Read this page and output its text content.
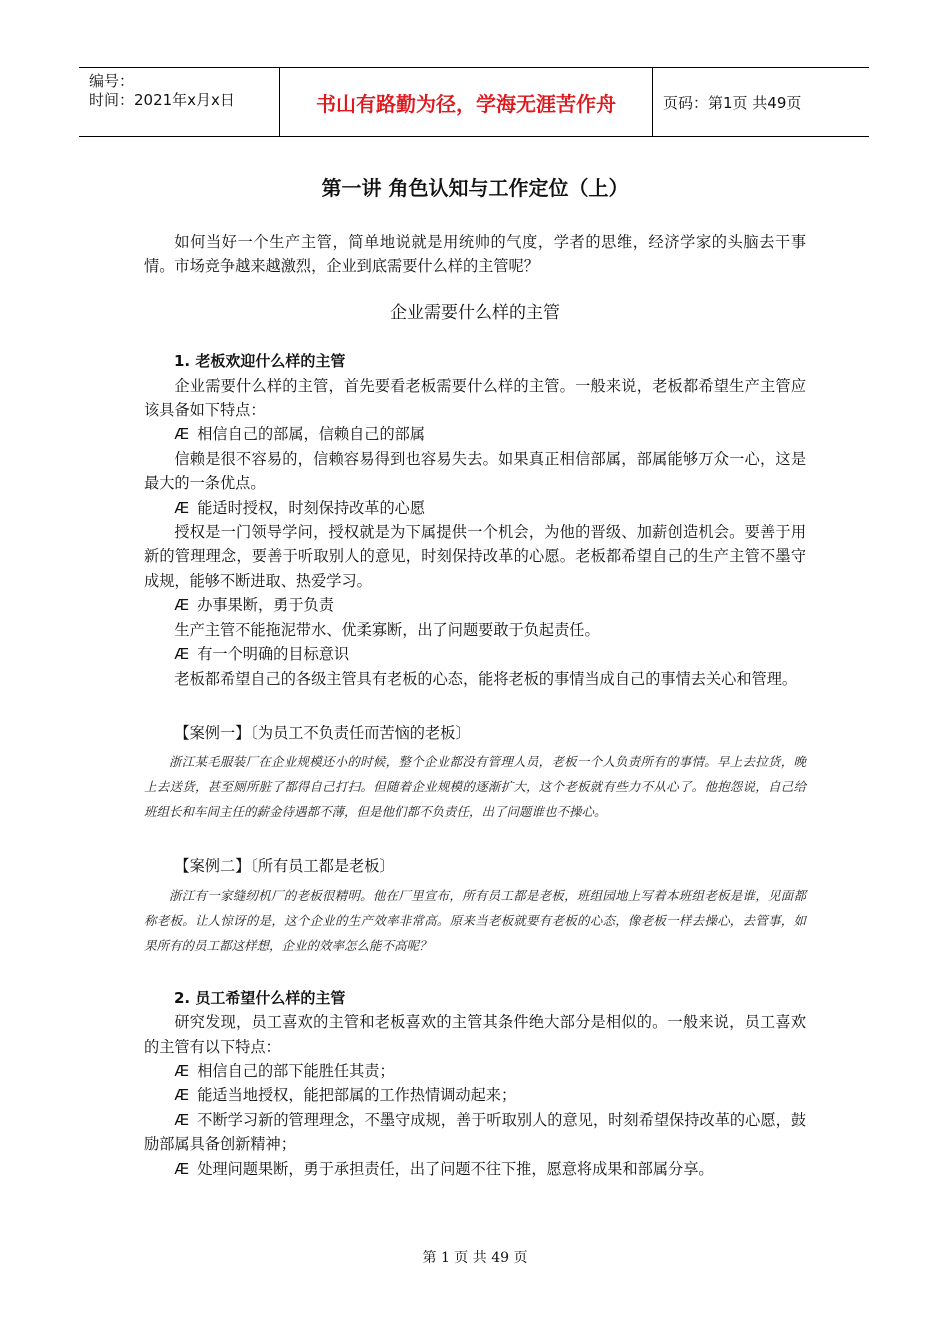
编号：
时间：2021年x月x日	书山有路勤为径，学海无涯苦作舟	页码：第1页 共49页
第一讲 角色认知与工作定位（上）

如何当好一个生产主管，简单地说就是用统帅的气度，学者的思维，经济学家的头脑去干事情。市场竞争越来越激烈，企业到底需要什么样的主管呢？

企业需要什么样的主管

1. 老板欢迎什么样的主管

企业需要什么样的主管，首先要看老板需要什么样的主管。一般来说，老板都希望生产主管应该具备如下特点：

Æ 相信自己的部属，信赖自己的部属

信赖是很不容易的，信赖容易得到也容易失去。如果真正相信部属，部属能够万众一心，这是最大的一条优点。

Æ 能适时授权，时刻保持改革的心愿

授权是一门领导学问，授权就是为下属提供一个机会，为他的晋级、加薪创造机会。要善于用新的管理理念，要善于听取别人的意见，时刻保持改革的心愿。老板都希望自己的生产主管不墨守成规，能够不断进取、热爱学习。

Æ 办事果断，勇于负责

生产主管不能拖泥带水、优柔寡断，出了问题要敢于负起责任。

Æ 有一个明确的目标意识

老板都希望自己的各级主管具有老板的心态，能将老板的事情当成自己的事情去关心和管理。

【案例一】〔为员工不负责任而苦恼的老板〕

浙江某毛服装厂在企业规模还小的时候，整个企业都没有管理人员，老板一个人负责所有的事情。早上去拉货，晚上去送货，甚至厕所脏了都得自己打扫。但随着企业规模的逐渐扩大，这个老板就有些力不从心了。他抱怨说，自己给班组长和车间主任的薪金待遇都不薄，但是他们都不负责任，出了问题谁也不操心。

【案例二】〔所有员工都是老板〕

浙江有一家缝纫机厂的老板很精明。他在厂里宣布，所有员工都是老板，班组园地上写着本班组老板是谁，见面都称老板。让人惊讶的是，这个企业的生产效率非常高。原来当老板就要有老板的心态，像老板一样去操心，去管事，如果所有的员工都这样想，企业的效率怎么能不高呢？

2. 员工希望什么样的主管

研究发现，员工喜欢的主管和老板喜欢的主管其条件绝大部分是相似的。一般来说，员工喜欢的主管有以下特点：

Æ 相信自己的部下能胜任其责；

Æ 能适当地授权，能把部属的工作热情调动起来；

Æ 不断学习新的管理理念，不墨守成规，善于听取别人的意见，时刻希望保持改革的心愿，鼓励部属具备创新精神；

Æ 处理问题果断，勇于承担责任，出了问题不往下推，愿意将成果和部属分享。

第 1 页 共 49 页
